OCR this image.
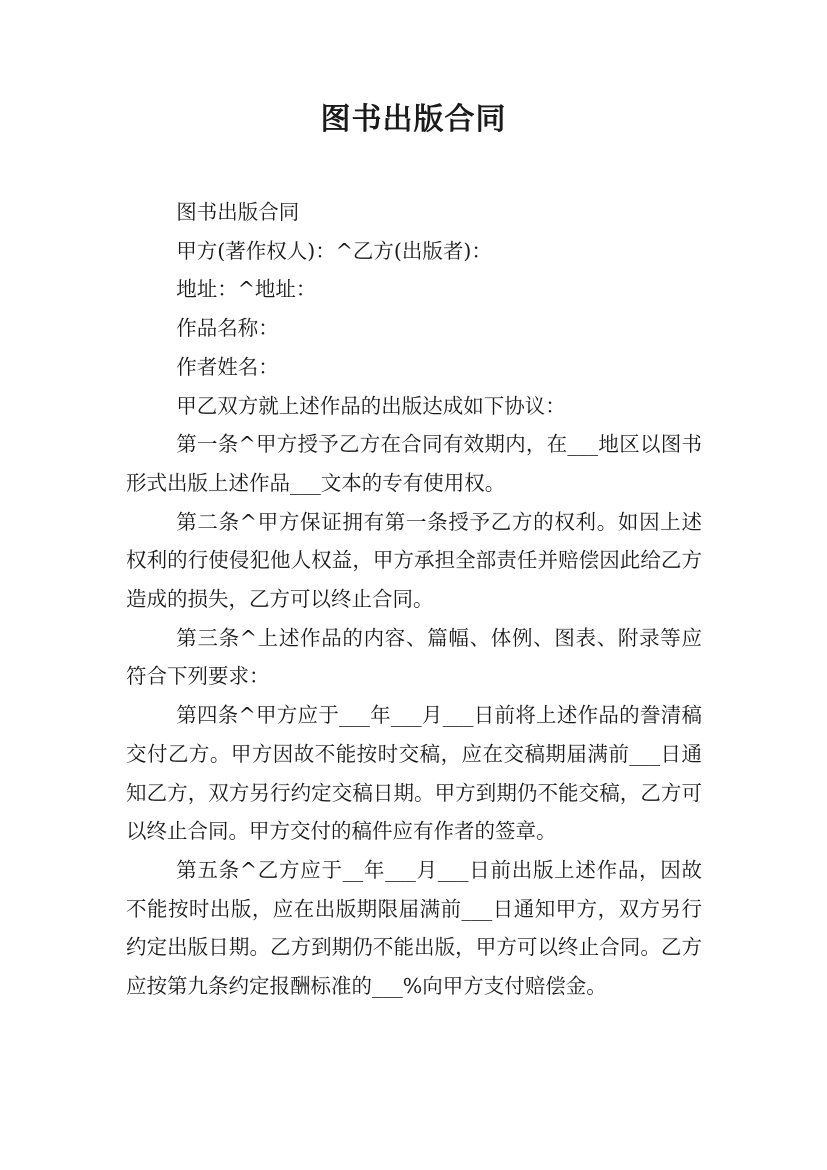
图书出版合同

图书出版合同

甲方(著作权人)：^乙方(出版者)：

地址：^地址：

作品名称：

作者姓名：

甲乙双方就上述作品的出版达成如下协议：

第一条^甲方授予乙方在合同有效期内，在___地区以图书形式出版上述作品___文本的专有使用权。

第二条^甲方保证拥有第一条授予乙方的权利。如因上述权利的行使侵犯他人权益，甲方承担全部责任并赔偿因此给乙方造成的损失，乙方可以终止合同。

第三条^上述作品的内容、篇幅、体例、图表、附录等应符合下列要求：

第四条^甲方应于___年___月___日前将上述作品的誊清稿交付乙方。甲方因故不能按时交稿，应在交稿期届满前___日通知乙方，双方另行约定交稿日期。甲方到期仍不能交稿，乙方可以终止合同。甲方交付的稿件应有作者的签章。

第五条^乙方应于__年___月___日前出版上述作品，因故不能按时出版，应在出版期限届满前___日通知甲方，双方另行约定出版日期。乙方到期仍不能出版，甲方可以终止合同。乙方应按第九条约定报酬标准的___%向甲方支付赔偿金。
